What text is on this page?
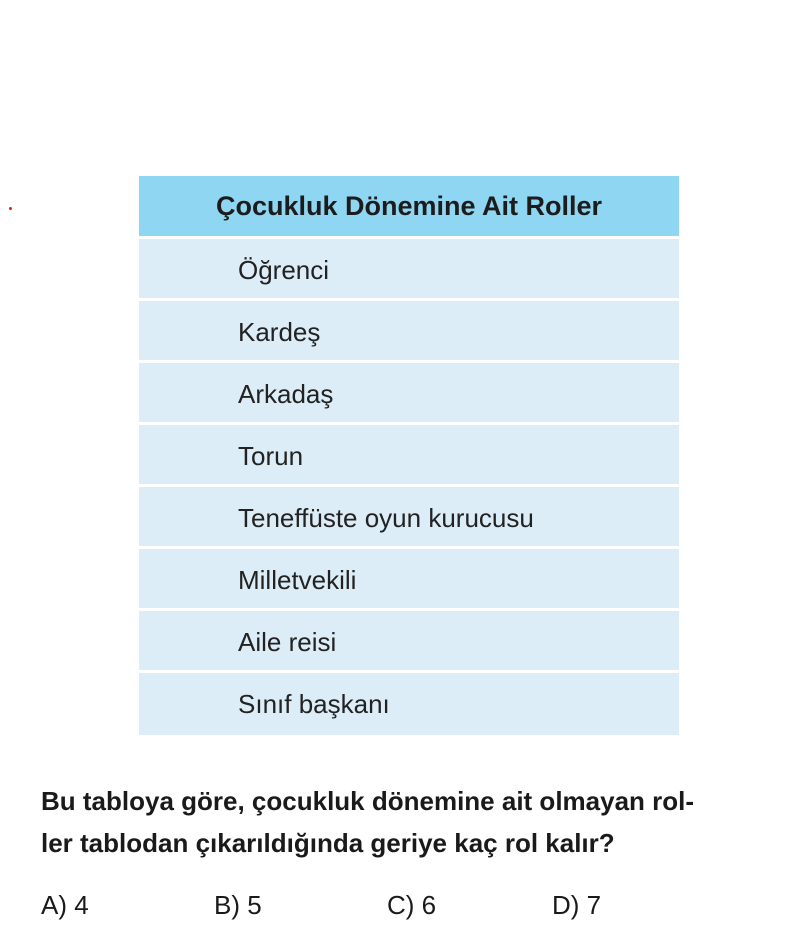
Çocukluk Dönemine Ait Roller
Öğrenci
Kardeş
Arkadaş
Torun
Teneffüste oyun kurucusu
Milletvekili
Aile reisi
Sınıf başkanı
Bu tabloya göre, çocukluk dönemine ait olmayan rol-
ler tablodan çıkarıldığında geriye kaç rol kalır?
A) 4	B) 5	C) 6	D) 7
